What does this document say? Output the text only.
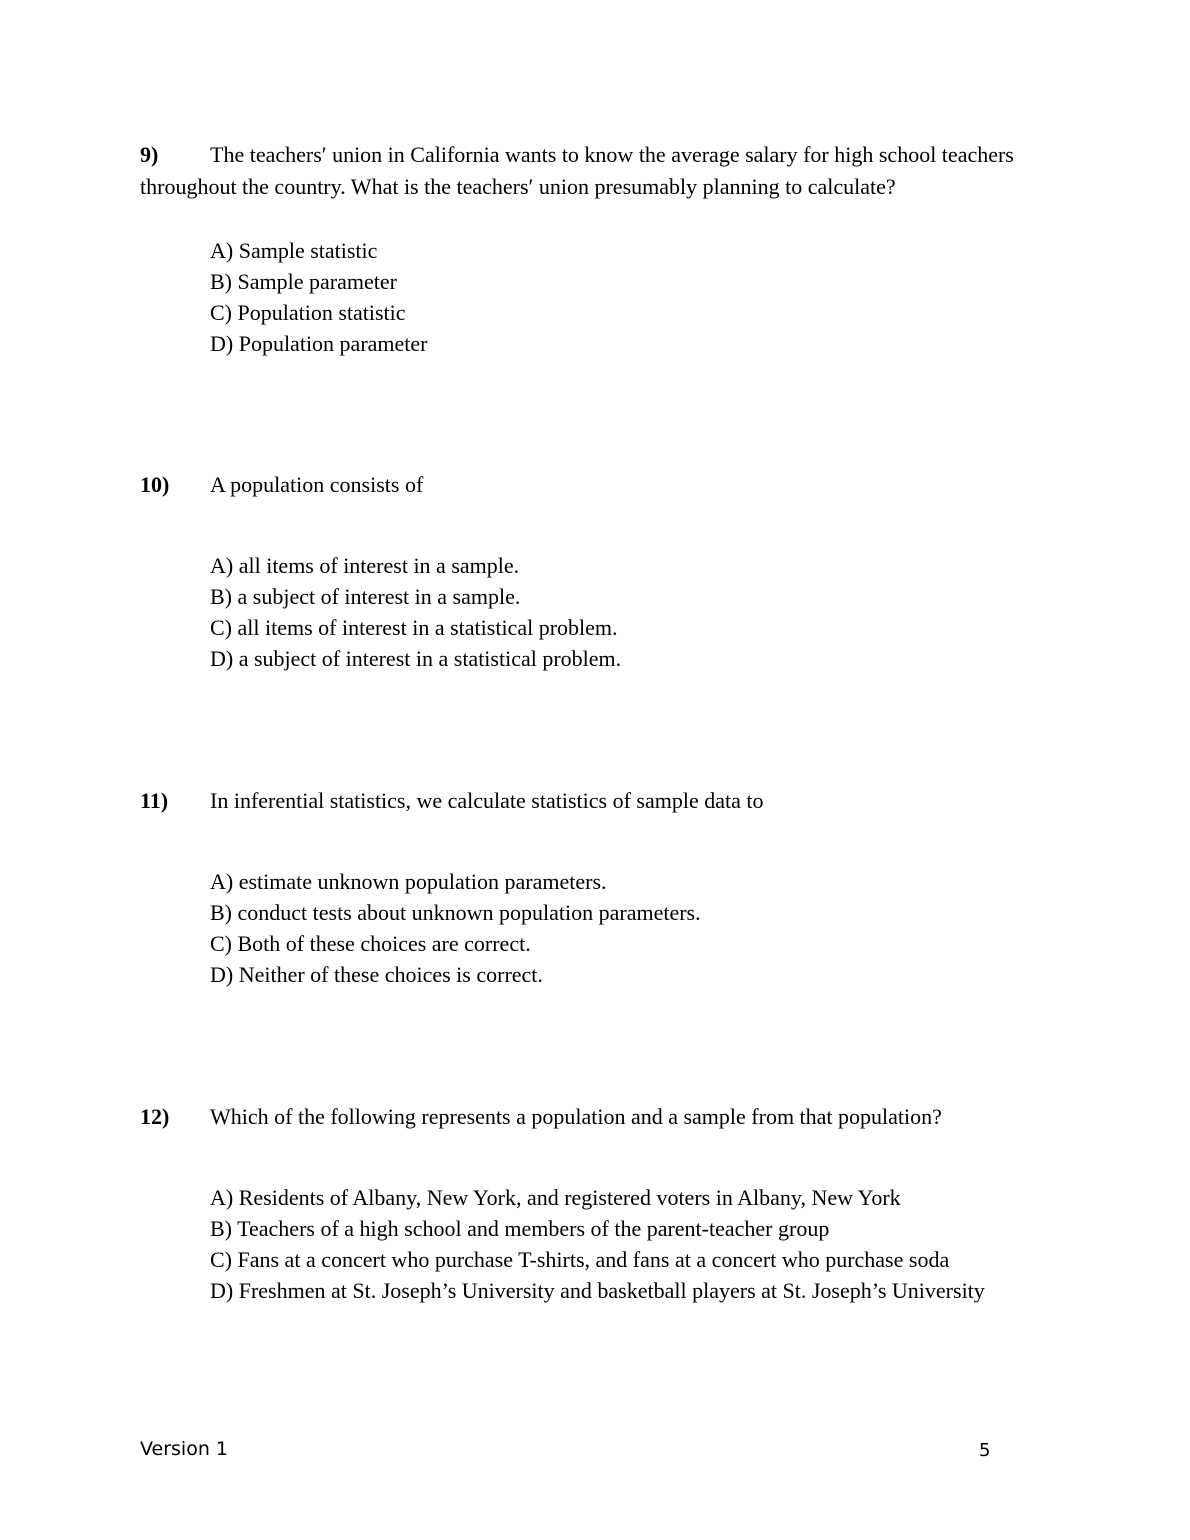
9) The teachers′ union in California wants to know the average salary for high school teachers throughout the country. What is the teachers′ union presumably planning to calculate?
A) Sample statistic
B) Sample parameter
C) Population statistic
D) Population parameter
10) A population consists of
A) all items of interest in a sample.
B) a subject of interest in a sample.
C) all items of interest in a statistical problem.
D) a subject of interest in a statistical problem.
11) In inferential statistics, we calculate statistics of sample data to
A) estimate unknown population parameters.
B) conduct tests about unknown population parameters.
C) Both of these choices are correct.
D) Neither of these choices is correct.
12) Which of the following represents a population and a sample from that population?
A) Residents of Albany, New York, and registered voters in Albany, New York
B) Teachers of a high school and members of the parent-teacher group
C) Fans at a concert who purchase T-shirts, and fans at a concert who purchase soda
D) Freshmen at St. Joseph’s University and basketball players at St. Joseph’s University
Version 1	5
